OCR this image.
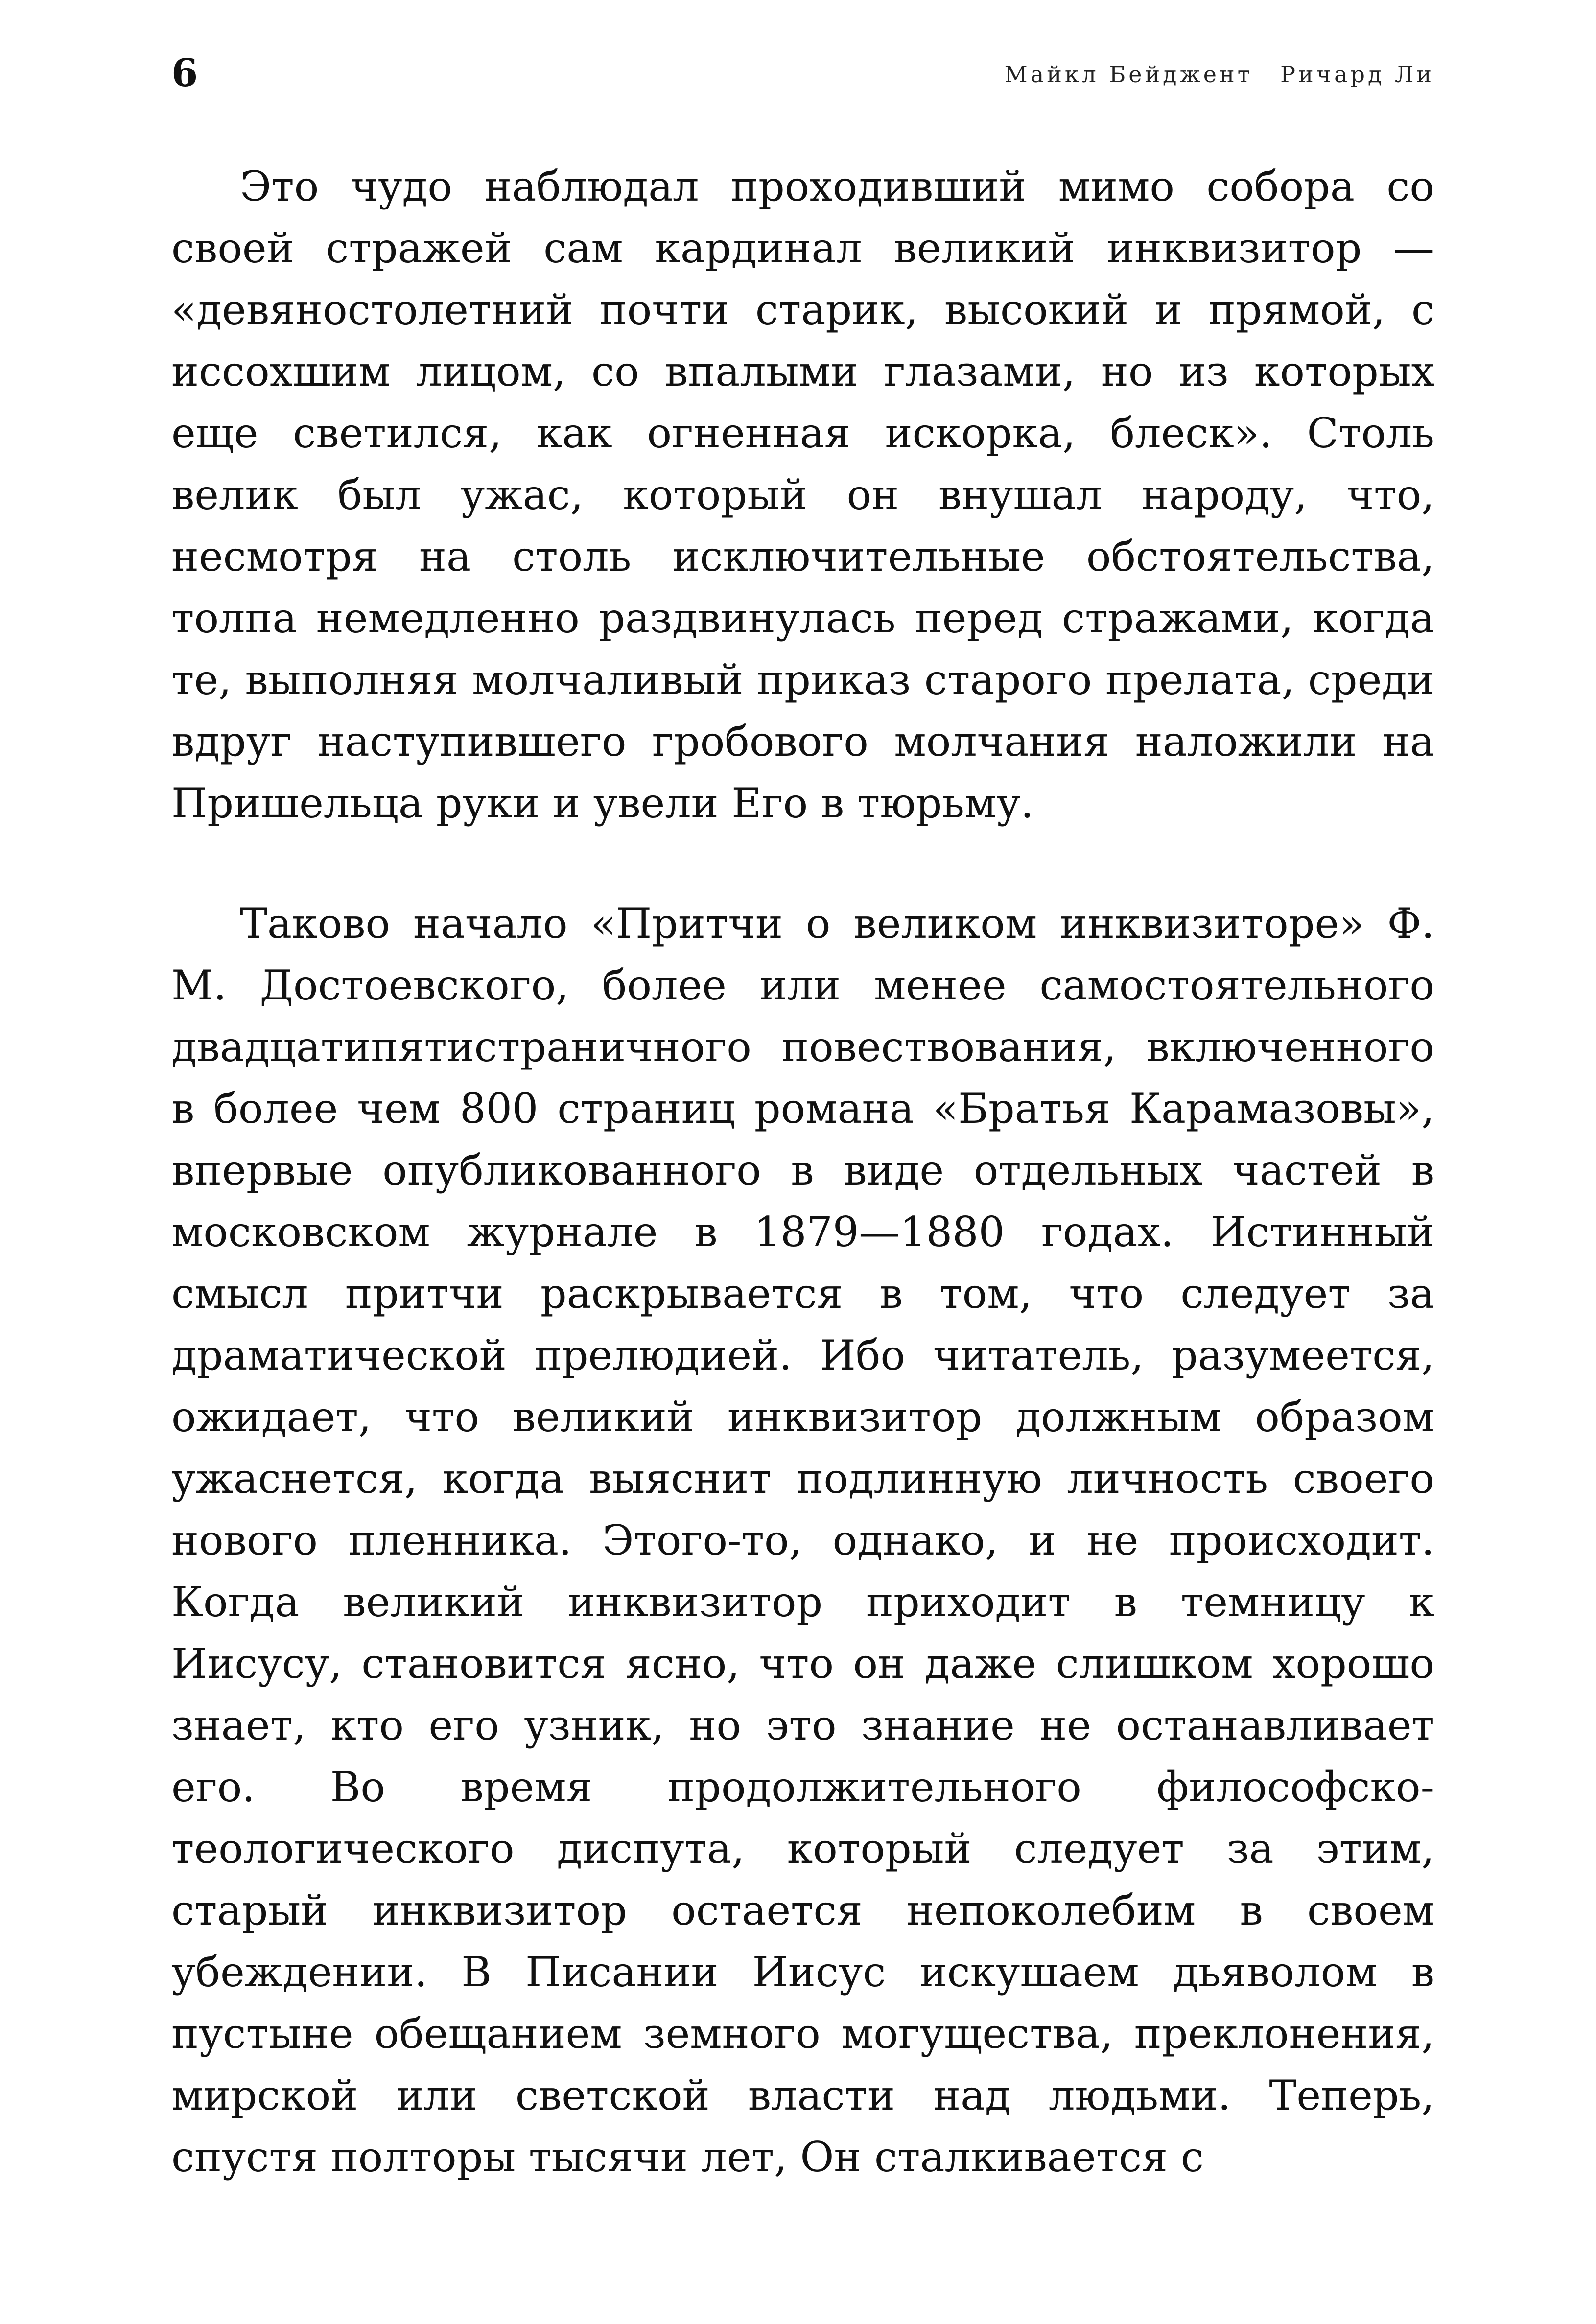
6	Майкл Бейджент Ричард Ли

Это чудо наблюдал проходивший мимо собора со своей стражей сам кардинал великий инквизитор — «девяностолетний почти старик, высокий и прямой, с иссохшим лицом, со впалыми глазами, но из которых еще светился, как огненная искорка, блеск». Столь велик был ужас, который он внушал народу, что, несмотря на столь исключительные обстоятельства, толпа немедленно раздвинулась перед стражами, когда те, выполняя молчаливый приказ старого прелата, среди вдруг наступившего гробового молчания наложили на Пришельца руки и увели Его в тюрьму.

Таково начало «Притчи о великом инквизиторе» Ф. М. Достоевского, более или менее самостоятельного двадцатипятистраничного повествования, включенного в более чем 800 страниц романа «Братья Карамазовы», впервые опубликованного в виде отдельных частей в московском журнале в 1879—1880 годах. Истинный смысл притчи раскрывается в том, что следует за драматической прелюдией. Ибо читатель, разумеется, ожидает, что великий инквизитор должным образом ужаснется, когда выяснит подлинную личность своего нового пленника. Этого-то, однако, и не происходит. Когда великий инквизитор приходит в темницу к Иисусу, становится ясно, что он даже слишком хорошо знает, кто его узник, но это знание не останавливает его. Во время продолжительного философско-теологического диспута, который следует за этим, старый инквизитор остается непоколебим в своем убеждении. В Писании Иисус искушаем дьяволом в пустыне обещанием земного могущества, преклонения, мирской или светской власти над людьми. Теперь, спустя полторы тысячи лет, Он сталкивается с
